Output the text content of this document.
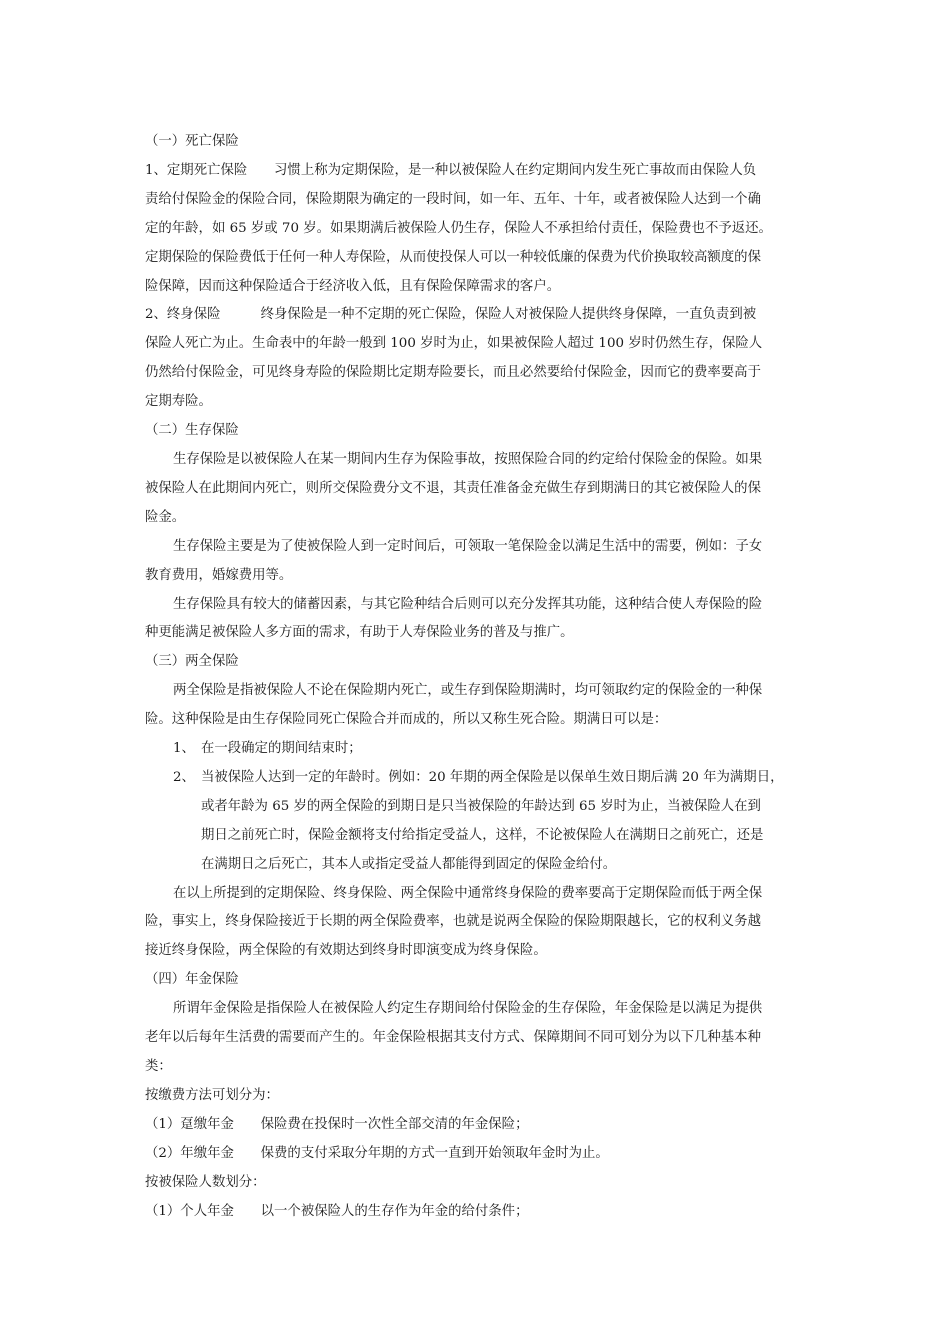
（一）死亡保险
1、定期死亡保险　　习惯上称为定期保险，是一种以被保险人在约定期间内发生死亡事故而由保险人负
责给付保险金的保险合同，保险期限为确定的一段时间，如一年、五年、十年，或者被保险人达到一个确
定的年龄，如 65 岁或 70 岁。如果期满后被保险人仍生存，保险人不承担给付责任，保险费也不予返还。
定期保险的保险费低于任何一种人寿保险，从而使投保人可以一种较低廉的保费为代价换取较高额度的保
险保障，因而这种保险适合于经济收入低，且有保险保障需求的客户。
2、终身保险　　　终身保险是一种不定期的死亡保险，保险人对被保险人提供终身保障，一直负责到被
保险人死亡为止。生命表中的年龄一般到 100 岁时为止，如果被保险人超过 100 岁时仍然生存，保险人
仍然给付保险金，可见终身寿险的保险期比定期寿险要长，而且必然要给付保险金，因而它的费率要高于
定期寿险。
（二）生存保险
生存保险是以被保险人在某一期间内生存为保险事故，按照保险合同的约定给付保险金的保险。如果
被保险人在此期间内死亡，则所交保险费分文不退，其责任准备金充做生存到期满日的其它被保险人的保
险金。
生存保险主要是为了使被保险人到一定时间后，可领取一笔保险金以满足生活中的需要，例如：子女
教育费用，婚嫁费用等。
生存保险具有较大的储蓄因素，与其它险种结合后则可以充分发挥其功能，这种结合使人寿保险的险
种更能满足被保险人多方面的需求，有助于人寿保险业务的普及与推广。
（三）两全保险
两全保险是指被保险人不论在保险期内死亡，或生存到保险期满时，均可领取约定的保险金的一种保
险。这种保险是由生存保险同死亡保险合并而成的，所以又称生死合险。期满日可以是：
1、 在一段确定的期间结束时；
2、 当被保险人达到一定的年龄时。例如：20 年期的两全保险是以保单生效日期后满 20 年为满期日，
或者年龄为 65 岁的两全保险的到期日是只当被保险的年龄达到 65 岁时为止，当被保险人在到
期日之前死亡时，保险金额将支付给指定受益人，这样，不论被保险人在满期日之前死亡，还是
在满期日之后死亡，其本人或指定受益人都能得到固定的保险金给付。
在以上所提到的定期保险、终身保险、两全保险中通常终身保险的费率要高于定期保险而低于两全保
险，事实上，终身保险接近于长期的两全保险费率，也就是说两全保险的保险期限越长，它的权利义务越
接近终身保险，两全保险的有效期达到终身时即演变成为终身保险。
（四）年金保险
所谓年金保险是指保险人在被保险人约定生存期间给付保险金的生存保险，年金保险是以满足为提供
老年以后每年生活费的需要而产生的。年金保险根据其支付方式、保障期间不同可划分为以下几种基本种
类：
按缴费方法可划分为：
（1）趸缴年金　　保险费在投保时一次性全部交清的年金保险；
（2）年缴年金　　保费的支付采取分年期的方式一直到开始领取年金时为止。
按被保险人数划分：
（1）个人年金　　以一个被保险人的生存作为年金的给付条件；
